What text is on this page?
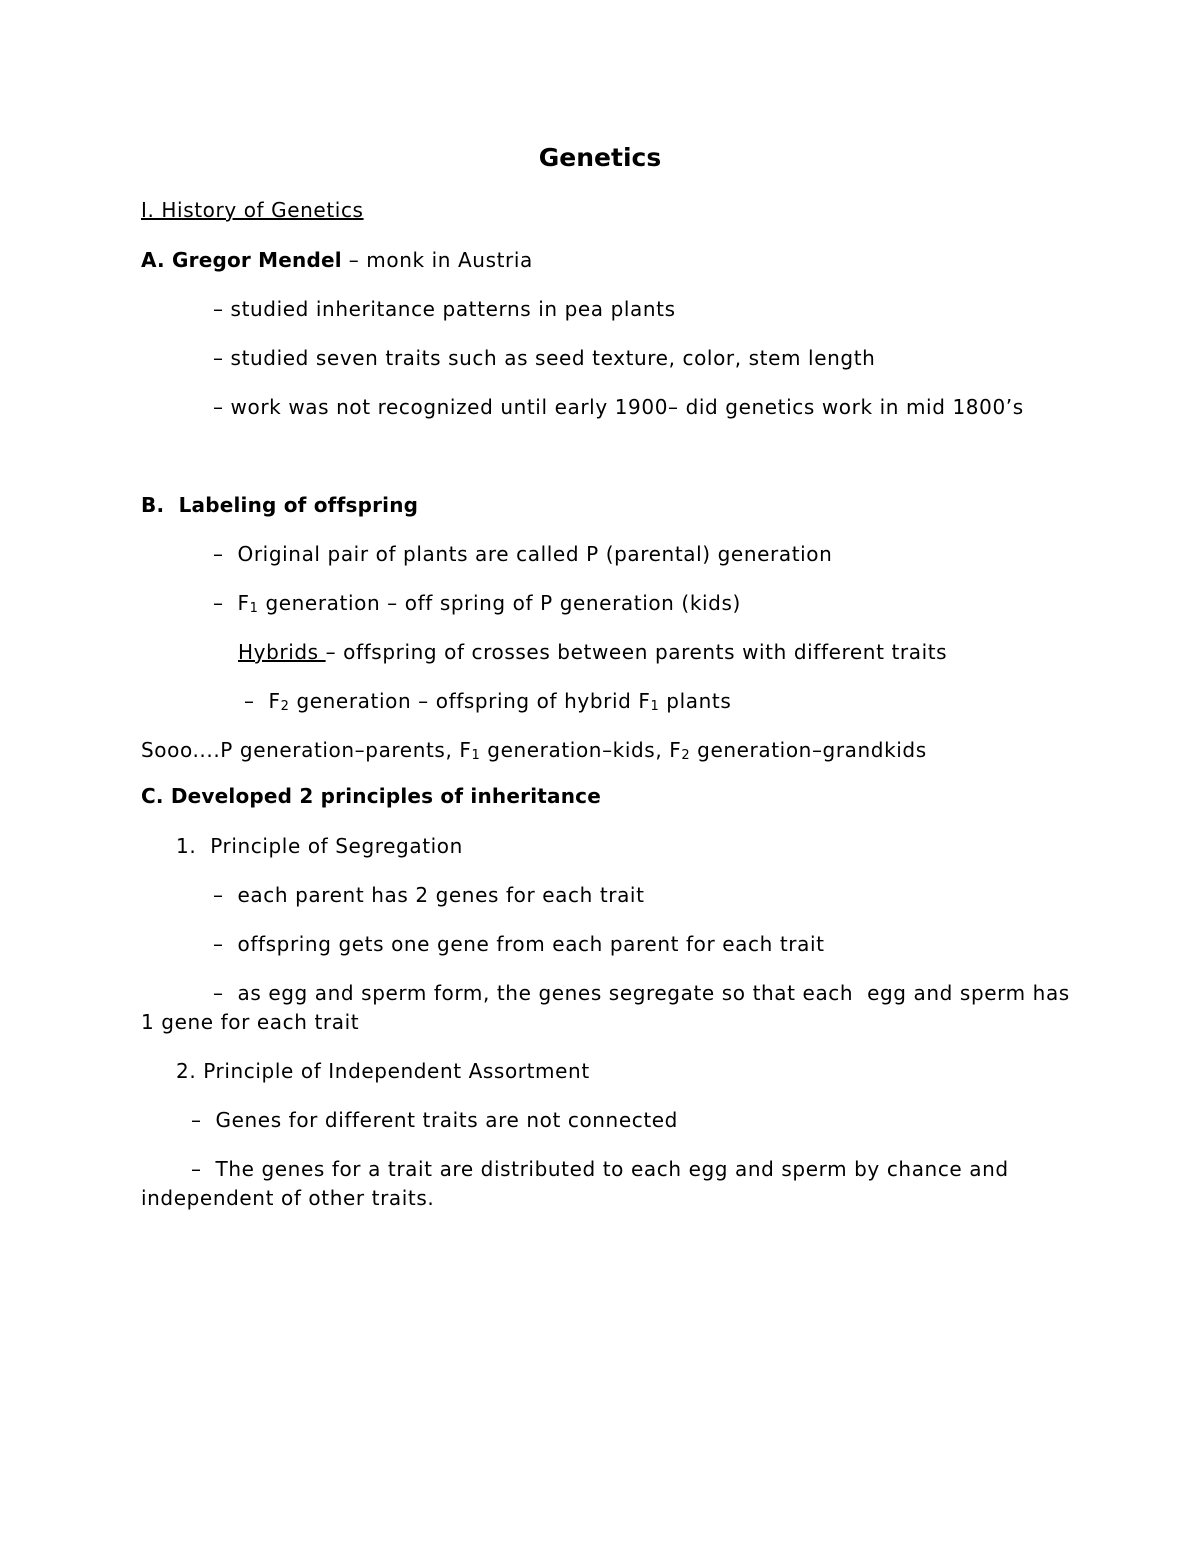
Genetics
I. History of Genetics
A. Gregor Mendel – monk in Austria
– studied inheritance patterns in pea plants
– studied seven traits such as seed texture, color, stem length
– work was not recognized until early 1900– did genetics work in mid 1800’s
B.  Labeling of offspring
–  Original pair of plants are called P (parental) generation
–  $F_1$ generation – off spring of P generation (kids)
Hybrids – offspring of crosses between parents with different traits
–  $F_2$ generation – offspring of hybrid $F_1$ plants
Sooo....P generation–parents, $F_1$ generation–kids, $F_2$ generation–grandkids
C. Developed 2 principles of inheritance
1.  Principle of Segregation
–  each parent has 2 genes for each trait
–  offspring gets one gene from each parent for each trait
–  as egg and sperm form, the genes segregate so that each  egg and sperm has
1 gene for each trait
2. Principle of Independent Assortment
–  Genes for different traits are not connected
–  The genes for a trait are distributed to each egg and sperm by chance and
independent of other traits.
